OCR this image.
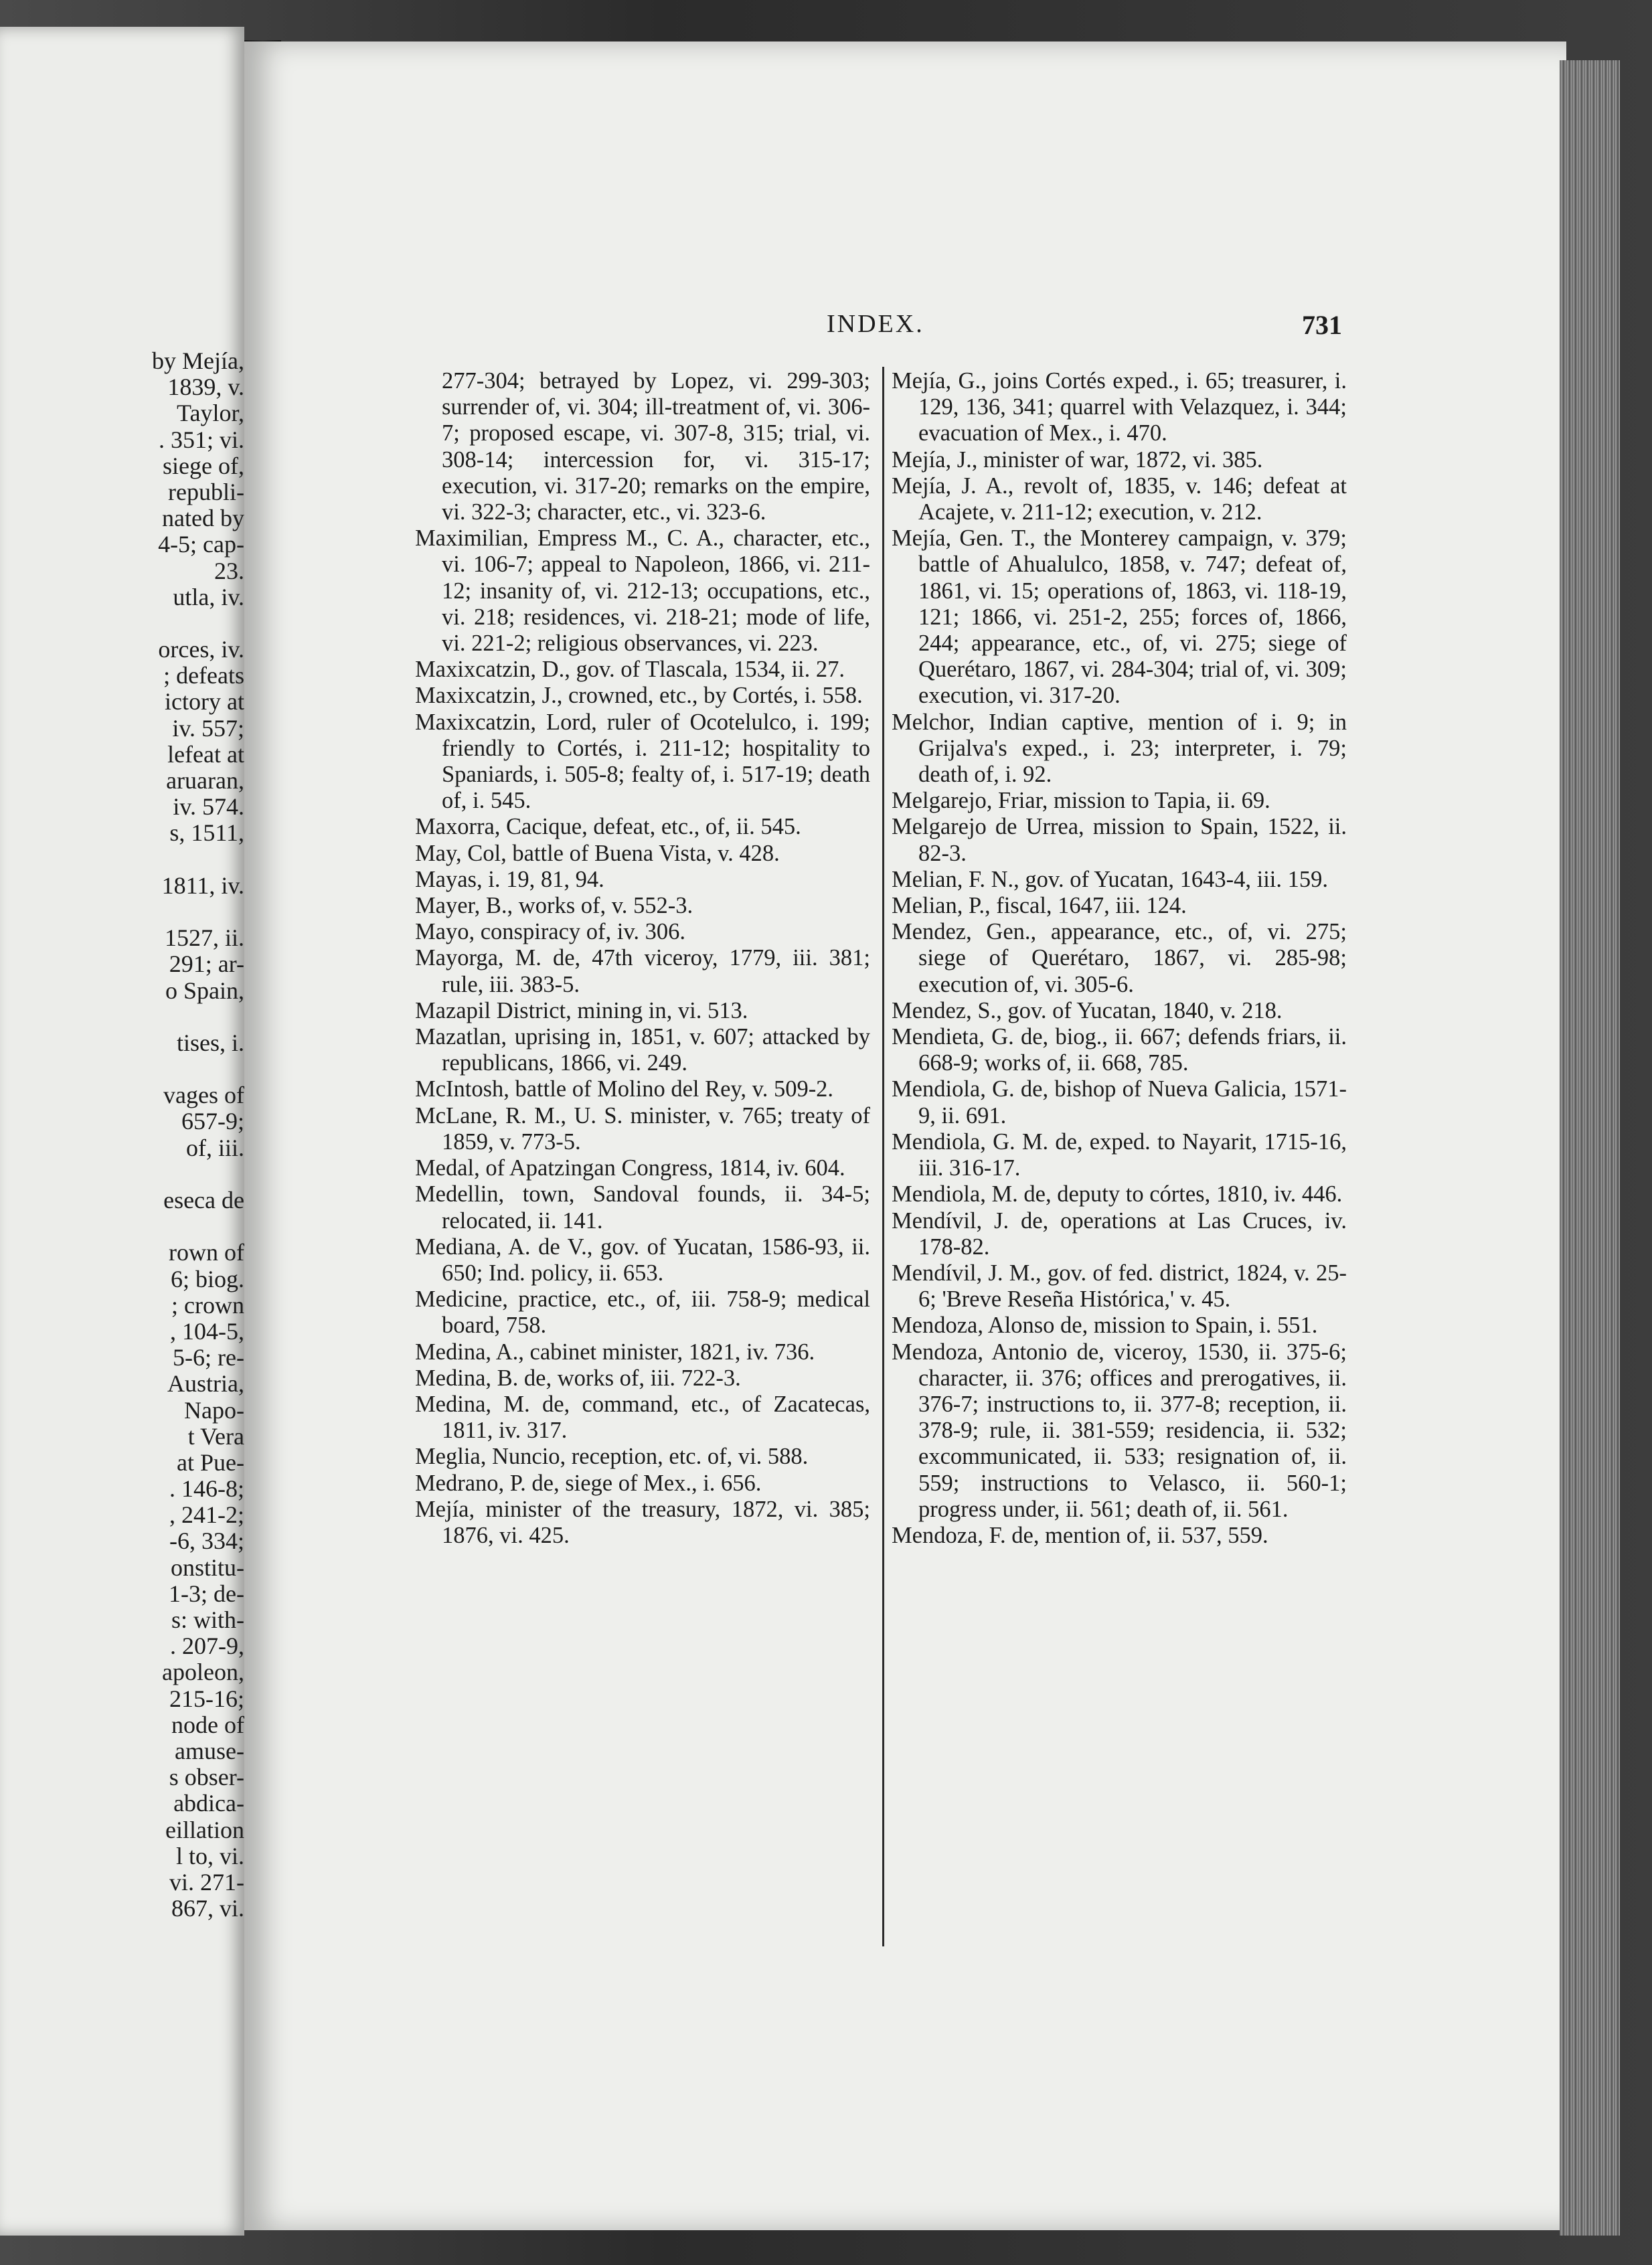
by Mejía,
1839, v.
Taylor,
. 351; vi.
siege of,
republi-
nated by
4-5; cap-
23.
utla, iv.
orces, iv.
; defeats
ictory at
iv. 557;
lefeat at
aruaran,
iv. 574.
s, 1511,
1811, iv.
1527, ii.
291; ar-
o Spain,
tises, i.
vages of
657-9;
of, iii.
eseca de
rown of
6; biog.
; crown
, 104-5,
5-6; re-
Austria,
Napo-
t Vera
at Pue-
. 146-8;
, 241-2;
-6, 334;
onstitu-
1-3; de-
s: with-
. 207-9,
apoleon,
215-16;
node of
amuse-
s obser-
abdica-
eillation
l to, vi.
vi. 271-
867, vi.
INDEX.	731

277-304; betrayed by Lopez, vi. 299-303; surrender of, vi. 304; ill-treatment of, vi. 306-7; proposed escape, vi. 307-8, 315; trial, vi. 308-14; intercession for, vi. 315-17; execution, vi. 317-20; remarks on the empire, vi. 322-3; character, etc., vi. 323-6.

Maximilian, Empress M., C. A., character, etc., vi. 106-7; appeal to Napoleon, 1866, vi. 211-12; insanity of, vi. 212-13; occupations, etc., vi. 218; residences, vi. 218-21; mode of life, vi. 221-2; religious observances, vi. 223.

Maxixcatzin, D., gov. of Tlascala, 1534, ii. 27.

Maxixcatzin, J., crowned, etc., by Cortés, i. 558.

Maxixcatzin, Lord, ruler of Ocotelulco, i. 199; friendly to Cortés, i. 211-12; hospitality to Spaniards, i. 505-8; fealty of, i. 517-19; death of, i. 545.

Maxorra, Cacique, defeat, etc., of, ii. 545.

May, Col, battle of Buena Vista, v. 428.

Mayas, i. 19, 81, 94.

Mayer, B., works of, v. 552-3.

Mayo, conspiracy of, iv. 306.

Mayorga, M. de, 47th viceroy, 1779, iii. 381; rule, iii. 383-5.

Mazapil District, mining in, vi. 513.

Mazatlan, uprising in, 1851, v. 607; attacked by republicans, 1866, vi. 249.

McIntosh, battle of Molino del Rey, v. 509-2.

McLane, R. M., U. S. minister, v. 765; treaty of 1859, v. 773-5.

Medal, of Apatzingan Congress, 1814, iv. 604.

Medellin, town, Sandoval founds, ii. 34-5; relocated, ii. 141.

Mediana, A. de V., gov. of Yucatan, 1586-93, ii. 650; Ind. policy, ii. 653.

Medicine, practice, etc., of, iii. 758-9; medical board, 758.

Medina, A., cabinet minister, 1821, iv. 736.

Medina, B. de, works of, iii. 722-3.

Medina, M. de, command, etc., of Zacatecas, 1811, iv. 317.

Meglia, Nuncio, reception, etc. of, vi. 588.

Medrano, P. de, siege of Mex., i. 656.

Mejía, minister of the treasury, 1872, vi. 385; 1876, vi. 425.

Mejía, G., joins Cortés exped., i. 65; treasurer, i. 129, 136, 341; quarrel with Velazquez, i. 344; evacuation of Mex., i. 470.

Mejía, J., minister of war, 1872, vi. 385.

Mejía, J. A., revolt of, 1835, v. 146; defeat at Acajete, v. 211-12; execution, v. 212.

Mejía, Gen. T., the Monterey campaign, v. 379; battle of Ahualulco, 1858, v. 747; defeat of, 1861, vi. 15; operations of, 1863, vi. 118-19, 121; 1866, vi. 251-2, 255; forces of, 1866, 244; appearance, etc., of, vi. 275; siege of Querétaro, 1867, vi. 284-304; trial of, vi. 309; execution, vi. 317-20.

Melchor, Indian captive, mention of i. 9; in Grijalva's exped., i. 23; interpreter, i. 79; death of, i. 92.

Melgarejo, Friar, mission to Tapia, ii. 69.

Melgarejo de Urrea, mission to Spain, 1522, ii. 82-3.

Melian, F. N., gov. of Yucatan, 1643-4, iii. 159.

Melian, P., fiscal, 1647, iii. 124.

Mendez, Gen., appearance, etc., of, vi. 275; siege of Querétaro, 1867, vi. 285-98; execution of, vi. 305-6.

Mendez, S., gov. of Yucatan, 1840, v. 218.

Mendieta, G. de, biog., ii. 667; defends friars, ii. 668-9; works of, ii. 668, 785.

Mendiola, G. de, bishop of Nueva Galicia, 1571-9, ii. 691.

Mendiola, G. M. de, exped. to Nayarit, 1715-16, iii. 316-17.

Mendiola, M. de, deputy to córtes, 1810, iv. 446.

Mendívil, J. de, operations at Las Cruces, iv. 178-82.

Mendívil, J. M., gov. of fed. district, 1824, v. 25-6; 'Breve Reseña Histórica,' v. 45.

Mendoza, Alonso de, mission to Spain, i. 551.

Mendoza, Antonio de, viceroy, 1530, ii. 375-6; character, ii. 376; offices and prerogatives, ii. 376-7; instructions to, ii. 377-8; reception, ii. 378-9; rule, ii. 381-559; residencia, ii. 532; excommunicated, ii. 533; resignation of, ii. 559; instructions to Velasco, ii. 560-1; progress under, ii. 561; death of, ii. 561.

Mendoza, F. de, mention of, ii. 537, 559.
